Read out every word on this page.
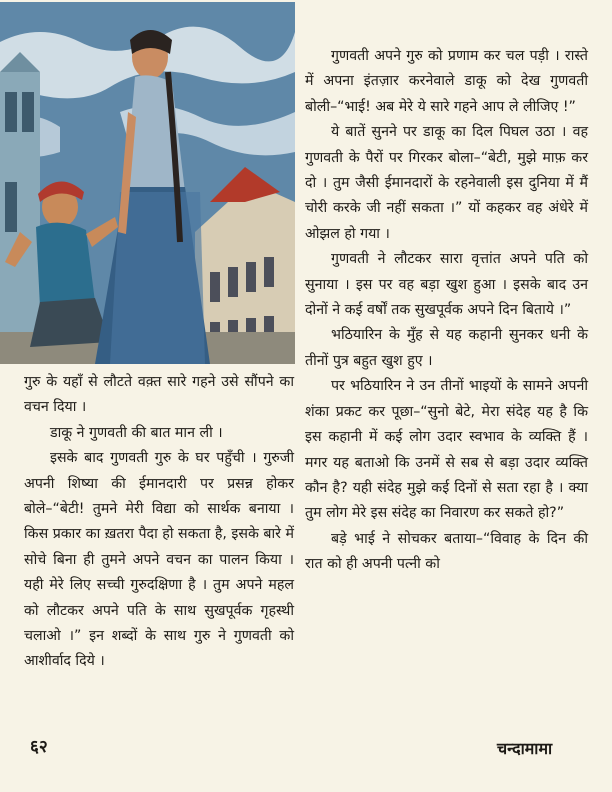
गुरु के यहाँ से लौटते वक़्त सारे गहने उसे सौंपने का वचन दिया ।

डाकू ने गुणवती की बात मान ली ।

इसके बाद गुणवती गुरु के घर पहुँची । गुरुजी अपनी शिष्या की ईमानदारी पर प्रसन्न होकर बोले–“बेटी! तुमने मेरी विद्या को सार्थक बनाया । किस प्रकार का ख़तरा पैदा हो सकता है, इसके बारे में सोचे बिना ही तुमने अपने वचन का पालन किया । यही मेरे लिए सच्ची गुरुदक्षिणा है । तुम अपने महल को लौटकर अपने पति के साथ सुखपूर्वक गृहस्थी चलाओ ।” इन शब्दों के साथ गुरु ने गुणवती को आशीर्वाद दिये ।

गुणवती अपने गुरु को प्रणाम कर चल पड़ी । रास्ते में अपना इंतज़ार करनेवाले डाकू को देख गुणवती बोली–“भाई! अब मेरे ये सारे गहने आप ले लीजिए !”

ये बातें सुनने पर डाकू का दिल पिघल उठा । वह गुणवती के पैरों पर गिरकर बोला–“बेटी, मुझे माफ़ कर दो । तुम जैसी ईमानदारों के रहनेवाली इस दुनिया में मैं चोरी करके जी नहीं सकता ।” यों कहकर वह अंधेरे में ओझल हो गया ।

गुणवती ने लौटकर सारा वृत्तांत अपने पति को सुनाया । इस पर वह बड़ा खुश हुआ । इसके बाद उन दोनों ने कई वर्षों तक सुखपूर्वक अपने दिन बिताये ।”

भठियारिन के मुँह से यह कहानी सुनकर धनी के तीनों पुत्र बहुत खुश हुए ।

पर भठियारिन ने उन तीनों भाइयों के सामने अपनी शंका प्रकट कर पूछा–“सुनो बेटे, मेरा संदेह यह है कि इस कहानी में कई लोग उदार स्वभाव के व्यक्ति हैं । मगर यह बताओ कि उनमें से सब से बड़ा उदार व्यक्ति कौन है? यही संदेह मुझे कई दिनों से सता रहा है । क्या तुम लोग मेरे इस संदेह का निवारण कर सकते हो?”

बड़े भाई ने सोचकर बताया–“विवाह के दिन की रात को ही अपनी पत्नी को

६२	चन्दामामा
